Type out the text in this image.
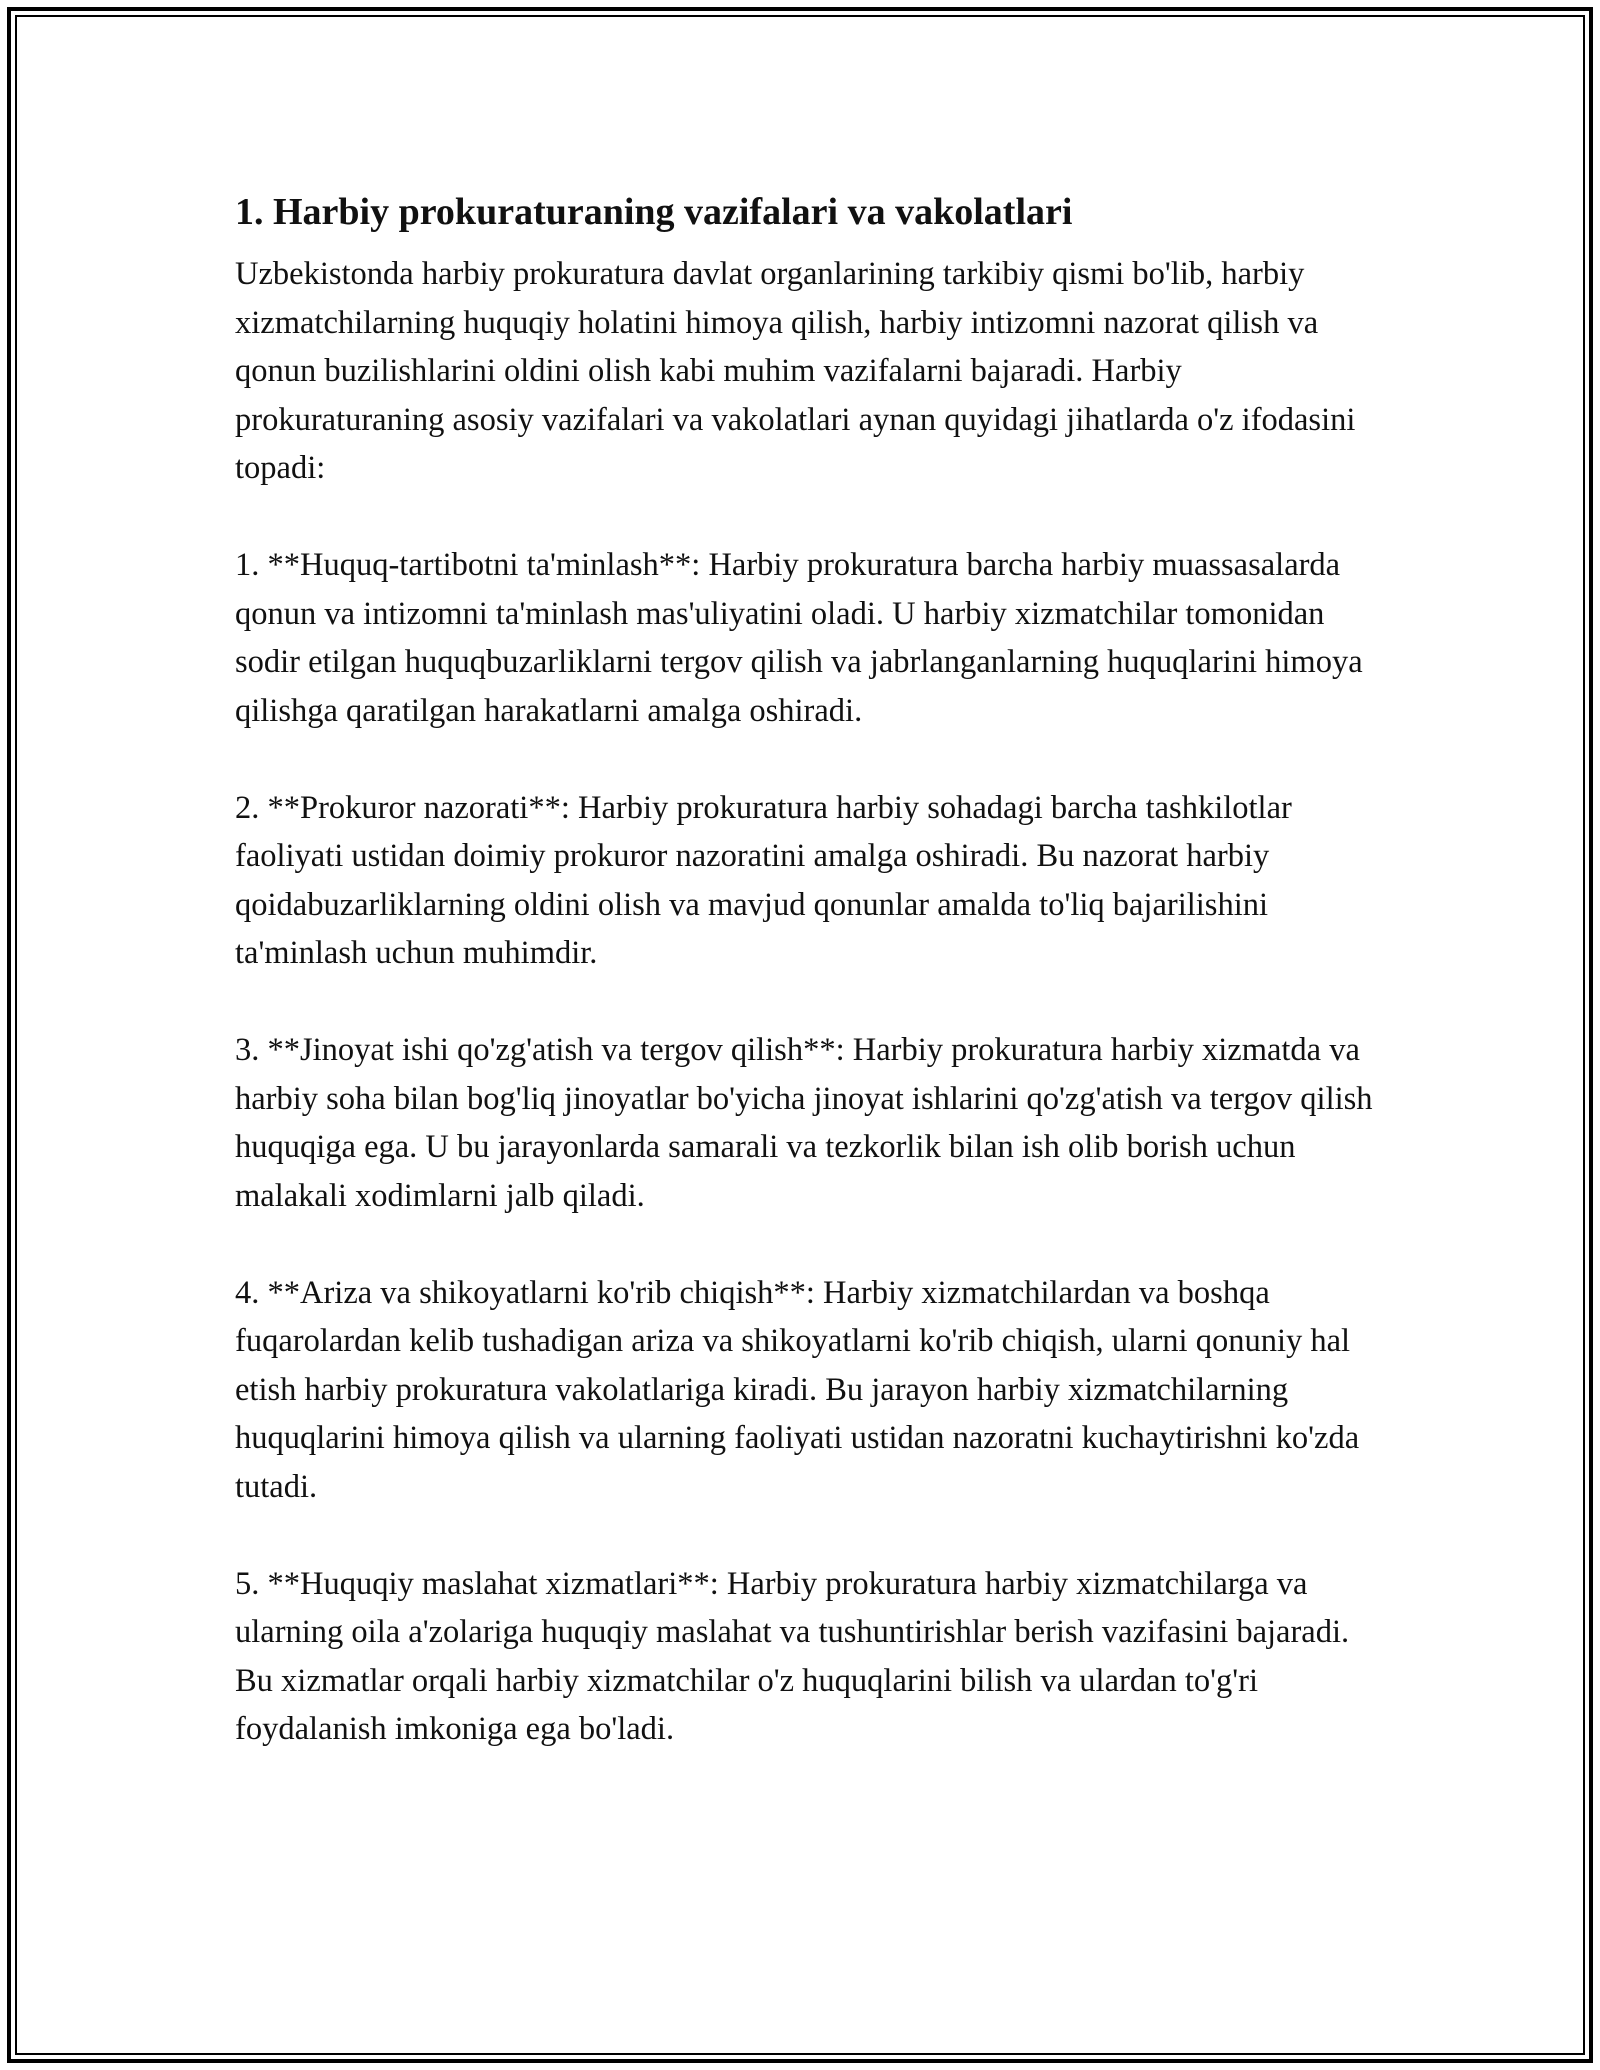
1. Harbiy prokuraturaning vazifalari va vakolatlari

Uzbekistonda harbiy prokuratura davlat organlarining tarkibiy qismi bo'lib, harbiy xizmatchilarning huquqiy holatini himoya qilish, harbiy intizomni nazorat qilish va qonun buzilishlarini oldini olish kabi muhim vazifalarni bajaradi. Harbiy prokuraturaning asosiy vazifalari va vakolatlari aynan quyidagi jihatlarda o'z ifodasini topadi:

1. **Huquq-tartibotni ta'minlash**: Harbiy prokuratura barcha harbiy muassasalarda qonun va intizomni ta'minlash mas'uliyatini oladi. U harbiy xizmatchilar tomonidan sodir etilgan huquqbuzarliklarni tergov qilish va jabrlanganlarning huquqlarini himoya qilishga qaratilgan harakatlarni amalga oshiradi.

2. **Prokuror nazorati**: Harbiy prokuratura harbiy sohadagi barcha tashkilotlar faoliyati ustidan doimiy prokuror nazoratini amalga oshiradi. Bu nazorat harbiy qoidabuzarliklarning oldini olish va mavjud qonunlar amalda to'liq bajarilishini ta'minlash uchun muhimdir.

3. **Jinoyat ishi qo'zg'atish va tergov qilish**: Harbiy prokuratura harbiy xizmatda va harbiy soha bilan bog'liq jinoyatlar bo'yicha jinoyat ishlarini qo'zg'atish va tergov qilish huquqiga ega. U bu jarayonlarda samarali va tezkorlik bilan ish olib borish uchun malakali xodimlarni jalb qiladi.

4. **Ariza va shikoyatlarni ko'rib chiqish**: Harbiy xizmatchilardan va boshqa fuqarolardan kelib tushadigan ariza va shikoyatlarni ko'rib chiqish, ularni qonuniy hal etish harbiy prokuratura vakolatlariga kiradi. Bu jarayon harbiy xizmatchilarning huquqlarini himoya qilish va ularning faoliyati ustidan nazoratni kuchaytirishni ko'zda tutadi.

5. **Huquqiy maslahat xizmatlari**: Harbiy prokuratura harbiy xizmatchilarga va ularning oila a'zolariga huquqiy maslahat va tushuntirishlar berish vazifasini bajaradi. Bu xizmatlar orqali harbiy xizmatchilar o'z huquqlarini bilish va ulardan to'g'ri foydalanish imkoniga ega bo'ladi.
